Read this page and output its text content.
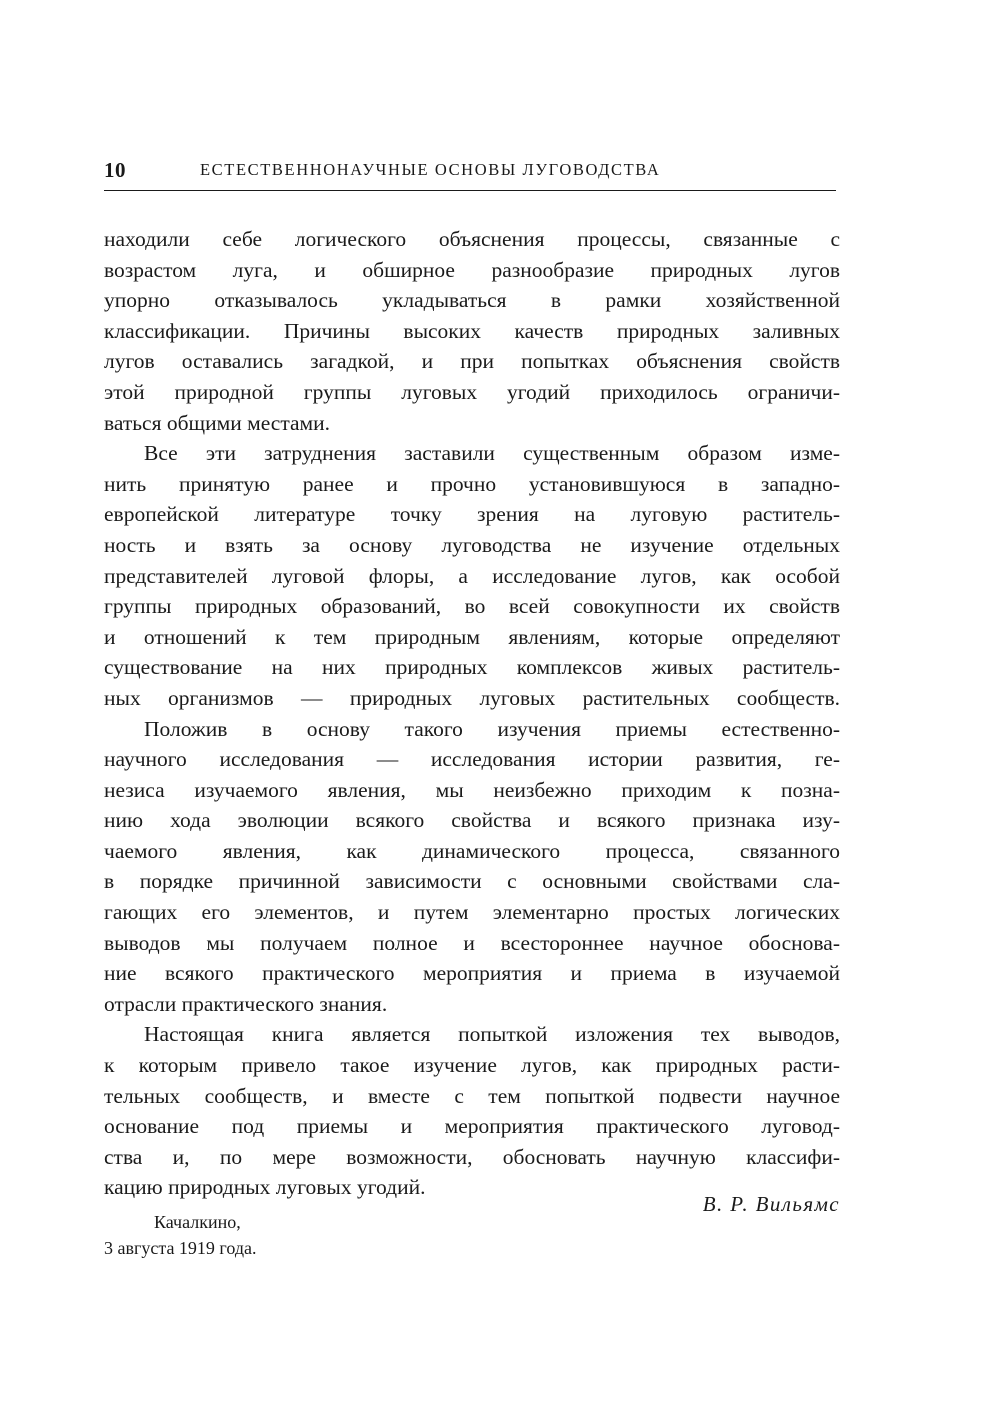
10	ЕСТЕСТВЕННОНАУЧНЫЕ ОСНОВЫ ЛУГОВОДСТВА

находили себе логического объяснения процессы, связанные с
возрастом луга, и обширное разнообразие природных лугов
упорно отказывалось укладываться в рамки хозяйственной
классификации. Причины высоких качеств природных заливных
лугов оставались загадкой, и при попытках объяснения свойств
этой природной группы луговых угодий приходилось ограничи-
ваться общими местами.

Все эти затруднения заставили существенным образом изме-
нить принятую ранее и прочно установившуюся в западно-
европейской литературе точку зрения на луговую раститель-
ность и взять за основу луговодства не изучение отдельных
представителей луговой флоры, а исследование лугов, как особой
группы природных образований, во всей совокупности их свойств
и отношений к тем природным явлениям, которые определяют
существование на них природных комплексов живых раститель-
ных организмов — природных луговых растительных сообществ.

Положив в основу такого изучения приемы естественно-
научного исследования — исследования истории развития, ге-
незиса изучаемого явления, мы неизбежно приходим к позна-
нию хода эволюции всякого свойства и всякого признака изу-
чаемого явления, как динамического процесса, связанного
в порядке причинной зависимости с основными свойствами сла-
гающих его элементов, и путем элементарно простых логических
выводов мы получаем полное и всестороннее научное обоснова-
ние всякого практического мероприятия и приема в изучаемой
отрасли практического знания.

Настоящая книга является попыткой изложения тех выводов,
к которым привело такое изучение лугов, как природных расти-
тельных сообществ, и вместе с тем попыткой подвести научное
основание под приемы и мероприятия практического луговод-
ства и, по мере возможности, обосновать научную классифи-
кацию природных луговых угодий.

В. Р. Вильямс
Качалкино,
3 августа 1919 года.
